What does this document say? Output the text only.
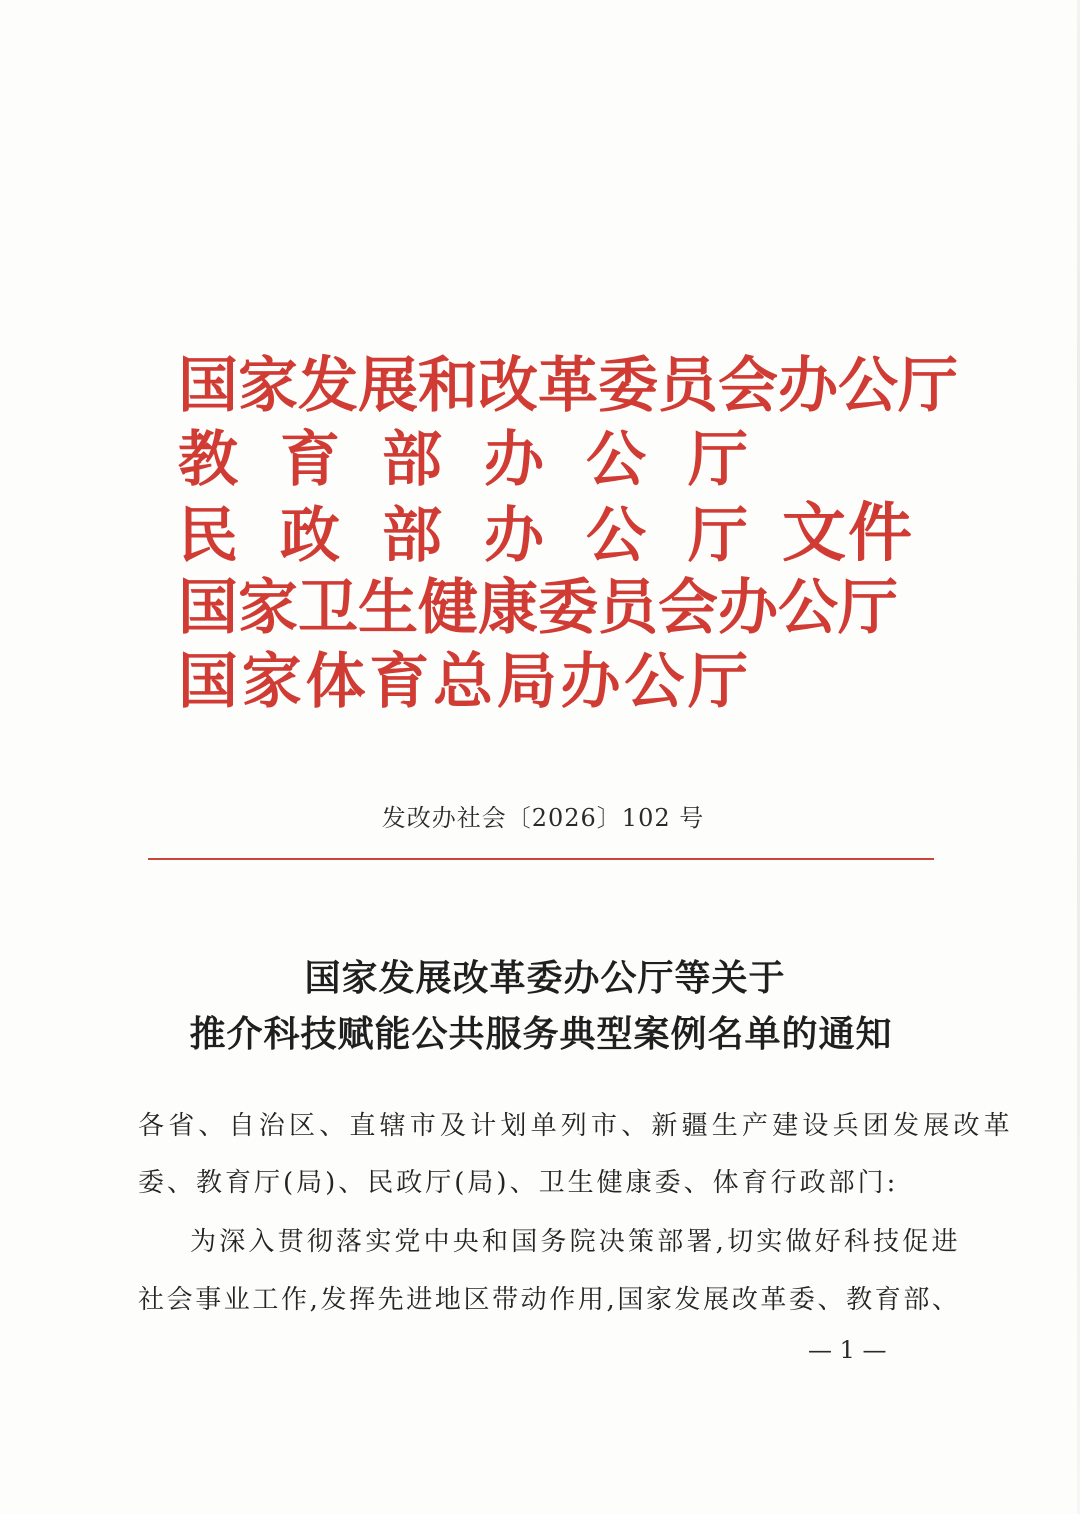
国 家 发 展 和 改 革 委 员 会 办 公 厅
教 育 部 办 公 厅
民 政 部 办 公 厅
国 家 卫 生 健 康 委 员 会 办 公 厅
国 家 体 育 总 局 办 公 厅
文件
发改办社会〔2026〕102 号
国家发展改革委办公厅等关于
推介科技赋能公共服务典型案例名单的通知
各省、自治区、直辖市及计划单列市、新疆生产建设兵团发展改革
委、教育厅(局)、民政厅(局)、卫生健康委、体育行政部门:
为深入贯彻落实党中央和国务院决策部署,切实做好科技促进
社会事业工作,发挥先进地区带动作用,国家发展改革委、教育部、
— 1 —
